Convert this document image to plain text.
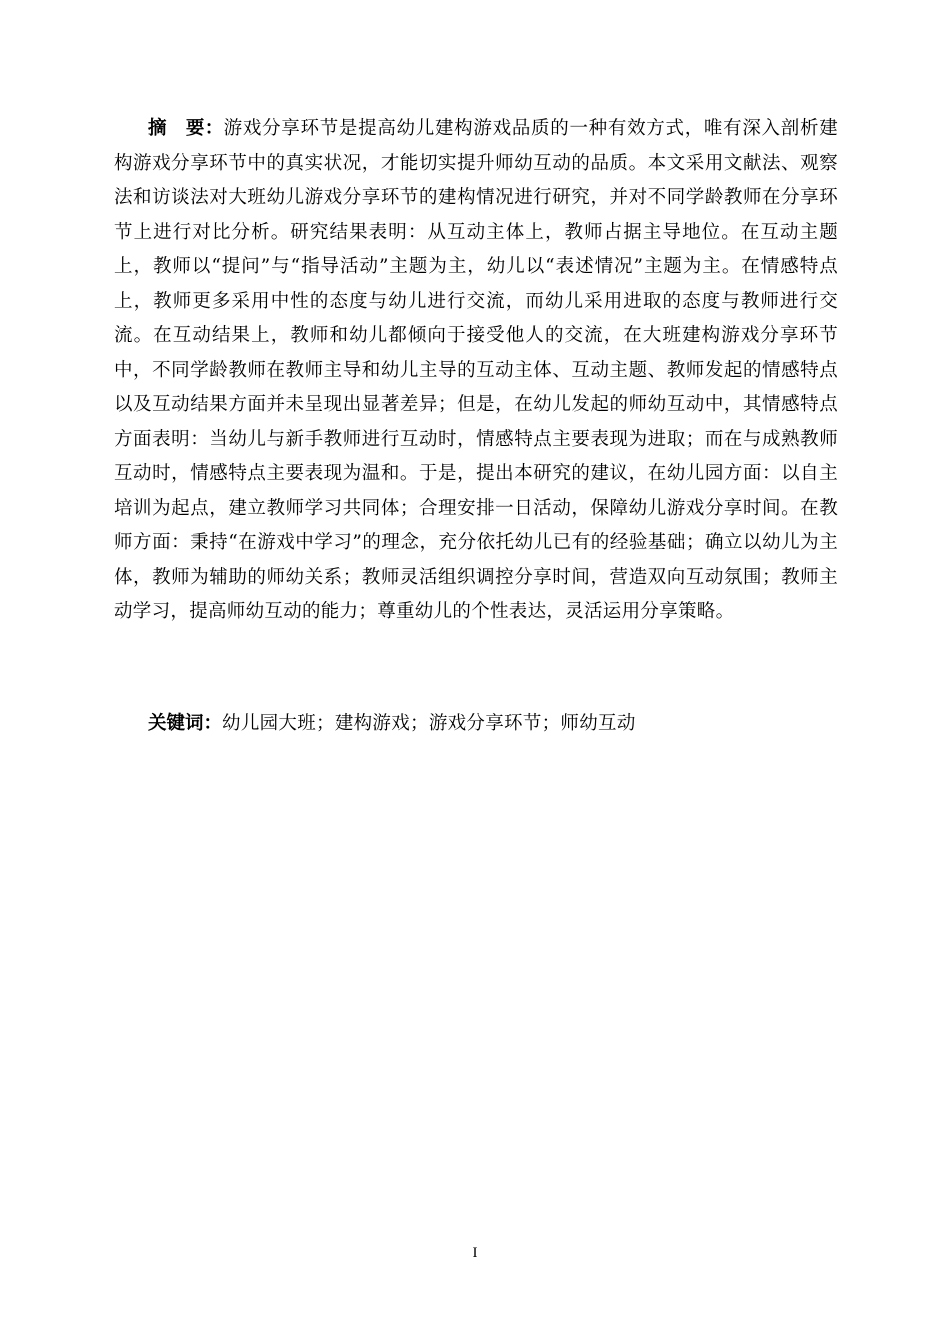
摘　要：游戏分享环节是提高幼儿建构游戏品质的一种有效方式，唯有深入剖析建构游戏分享环节中的真实状况，才能切实提升师幼互动的品质。本文采用文献法、观察法和访谈法对大班幼儿游戏分享环节的建构情况进行研究，并对不同学龄教师在分享环节上进行对比分析。研究结果表明：从互动主体上，教师占据主导地位。在互动主题上，教师以“提问”与“指导活动”主题为主，幼儿以“表述情况”主题为主。在情感特点上，教师更多采用中性的态度与幼儿进行交流，而幼儿采用进取的态度与教师进行交流。在互动结果上，教师和幼儿都倾向于接受他人的交流，在大班建构游戏分享环节中，不同学龄教师在教师主导和幼儿主导的互动主体、互动主题、教师发起的情感特点以及互动结果方面并未呈现出显著差异；但是，在幼儿发起的师幼互动中，其情感特点方面表明：当幼儿与新手教师进行互动时，情感特点主要表现为进取；而在与成熟教师互动时，情感特点主要表现为温和。于是，提出本研究的建议，在幼儿园方面：以自主培训为起点，建立教师学习共同体；合理安排一日活动，保障幼儿游戏分享时间。在教师方面：秉持“在游戏中学习”的理念，充分依托幼儿已有的经验基础；确立以幼儿为主体，教师为辅助的师幼关系；教师灵活组织调控分享时间，营造双向互动氛围；教师主动学习，提高师幼互动的能力；尊重幼儿的个性表达，灵活运用分享策略。

关键词：幼儿园大班；建构游戏；游戏分享环节；师幼互动

I
